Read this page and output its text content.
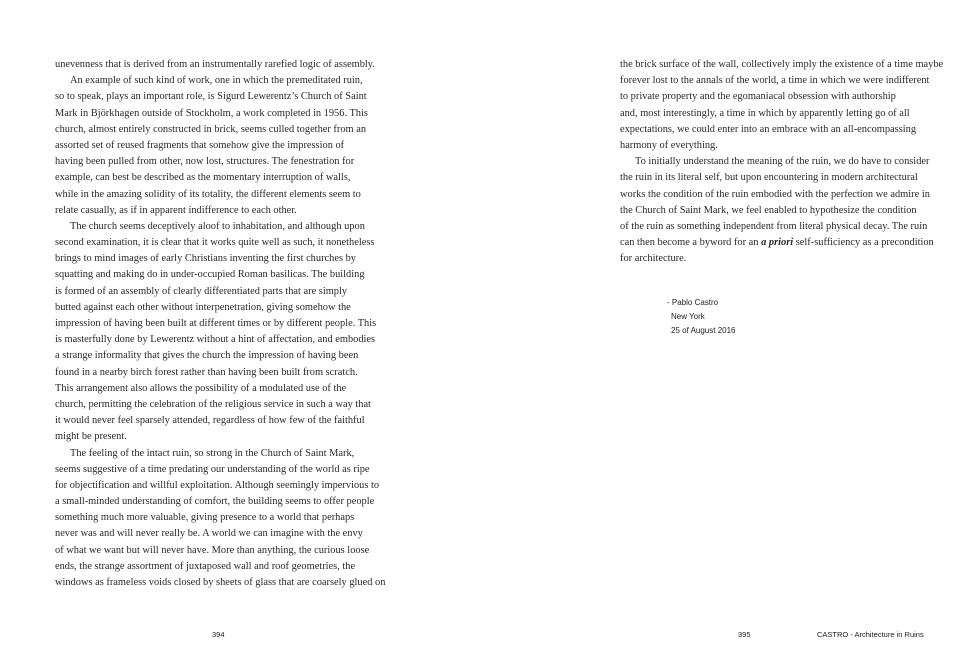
unevenness that is derived from an instrumentally rarefied logic of assembly.
An example of such kind of work, one in which the premeditated ruin,
so to speak, plays an important role, is Sigurd Lewerentz’s Church of Saint
Mark in Björkhagen outside of Stockholm, a work completed in 1956. This
church, almost entirely constructed in brick, seems culled together from an
assorted set of reused fragments that somehow give the impression of
having been pulled from other, now lost, structures. The fenestration for
example, can best be described as the momentary interruption of walls,
while in the amazing solidity of its totality, the different elements seem to
relate casually, as if in apparent indifference to each other.
The church seems deceptively aloof to inhabitation, and although upon
second examination, it is clear that it works quite well as such, it nonetheless
brings to mind images of early Christians inventing the first churches by
squatting and making do in under-occupied Roman basilicas. The building
is formed of an assembly of clearly differentiated parts that are simply
butted against each other without interpenetration, giving somehow the
impression of having been built at different times or by different people. This
is masterfully done by Lewerentz without a hint of affectation, and embodies
a strange informality that gives the church the impression of having been
found in a nearby birch forest rather than having been built from scratch.
This arrangement also allows the possibility of a modulated use of the
church, permitting the celebration of the religious service in such a way that
it would never feel sparsely attended, regardless of how few of the faithful
might be present.
The feeling of the intact ruin, so strong in the Church of Saint Mark,
seems suggestive of a time predating our understanding of the world as ripe
for objectification and willful exploitation. Although seemingly impervious to
a small-minded understanding of comfort, the building seems to offer people
something much more valuable, giving presence to a world that perhaps
never was and will never really be. A world we can imagine with the envy
of what we want but will never have. More than anything, the curious loose
ends, the strange assortment of juxtaposed wall and roof geometries, the
windows as frameless voids closed by sheets of glass that are coarsely glued on
394
the brick surface of the wall, collectively imply the existence of a time maybe
forever lost to the annals of the world, a time in which we were indifferent
to private property and the egomaniacal obsession with authorship
and, most interestingly, a time in which by apparently letting go of all
expectations, we could enter into an embrace with an all-encompassing
harmony of everything.
To initially understand the meaning of the ruin, we do have to consider
the ruin in its literal self, but upon encountering in modern architectural
works the condition of the ruin embodied with the perfection we admire in
the Church of Saint Mark, we feel enabled to hypothesize the condition
of the ruin as something independent from literal physical decay. The ruin
can then become a byword for an a priori self-sufficiency as a precondition
for architecture.
- Pablo Castro
New York
25 of August 2016
395	CASTRO - Architecture in Ruins
